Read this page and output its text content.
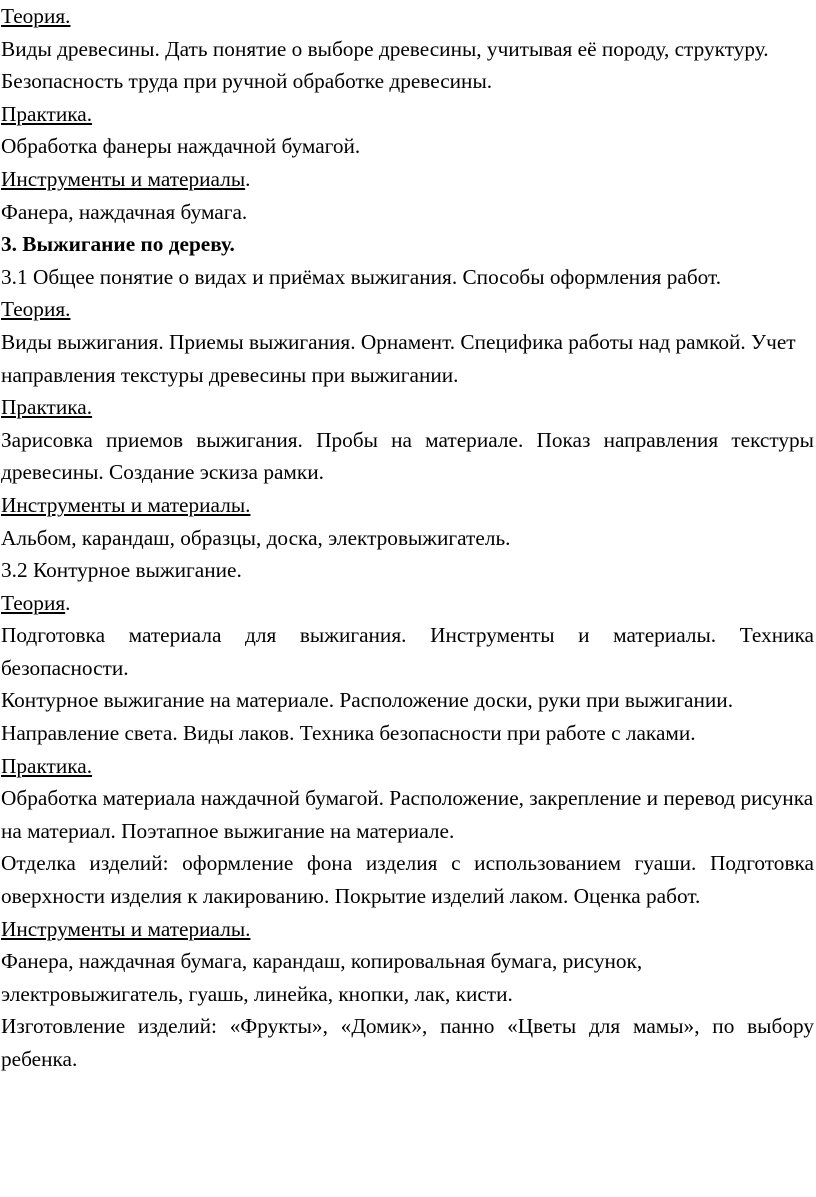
Теория.

Виды древесины. Дать понятие о выборе древесины, учитывая её породу, структуру.

Безопасность труда при ручной обработке древесины.

Практика.

Обработка фанеры наждачной бумагой.

Инструменты и материалы.

Фанера, наждачная бумага.

3. Выжигание по дереву.

3.1 Общее понятие о видах и приёмах выжигания. Способы оформления работ.

Теория.

Виды выжигания. Приемы выжигания. Орнамент. Специфика работы над рамкой. Учет

направления текстуры древесины при выжигании.

Практика.

Зарисовка приемов выжигания. Пробы на материале. Показ направления текстуры древесины. Создание эскиза рамки.

Инструменты и материалы.

Альбом, карандаш, образцы, доска, электровыжигатель.

3.2 Контурное выжигание.

Теория.

Подготовка материала для выжигания. Инструменты и материалы. Техника безопасности.

Контурное выжигание на материале. Расположение доски, руки при выжигании.

Направление света. Виды лаков. Техника безопасности при работе с лаками.

Практика.

Обработка материала наждачной бумагой. Расположение, закрепление и перевод рисунка на материал. Поэтапное выжигание на материале.

Отделка изделий: оформление фона изделия с использованием гуаши. Подготовка оверхности изделия к лакированию. Покрытие изделий лаком. Оценка работ.

Инструменты и материалы.

Фанера, наждачная бумага, карандаш, копировальная бумага, рисунок, электровыжигатель, гуашь, линейка, кнопки, лак, кисти.

Изготовление изделий: «Фрукты», «Домик», панно «Цветы для мамы», по выбору ребенка.
